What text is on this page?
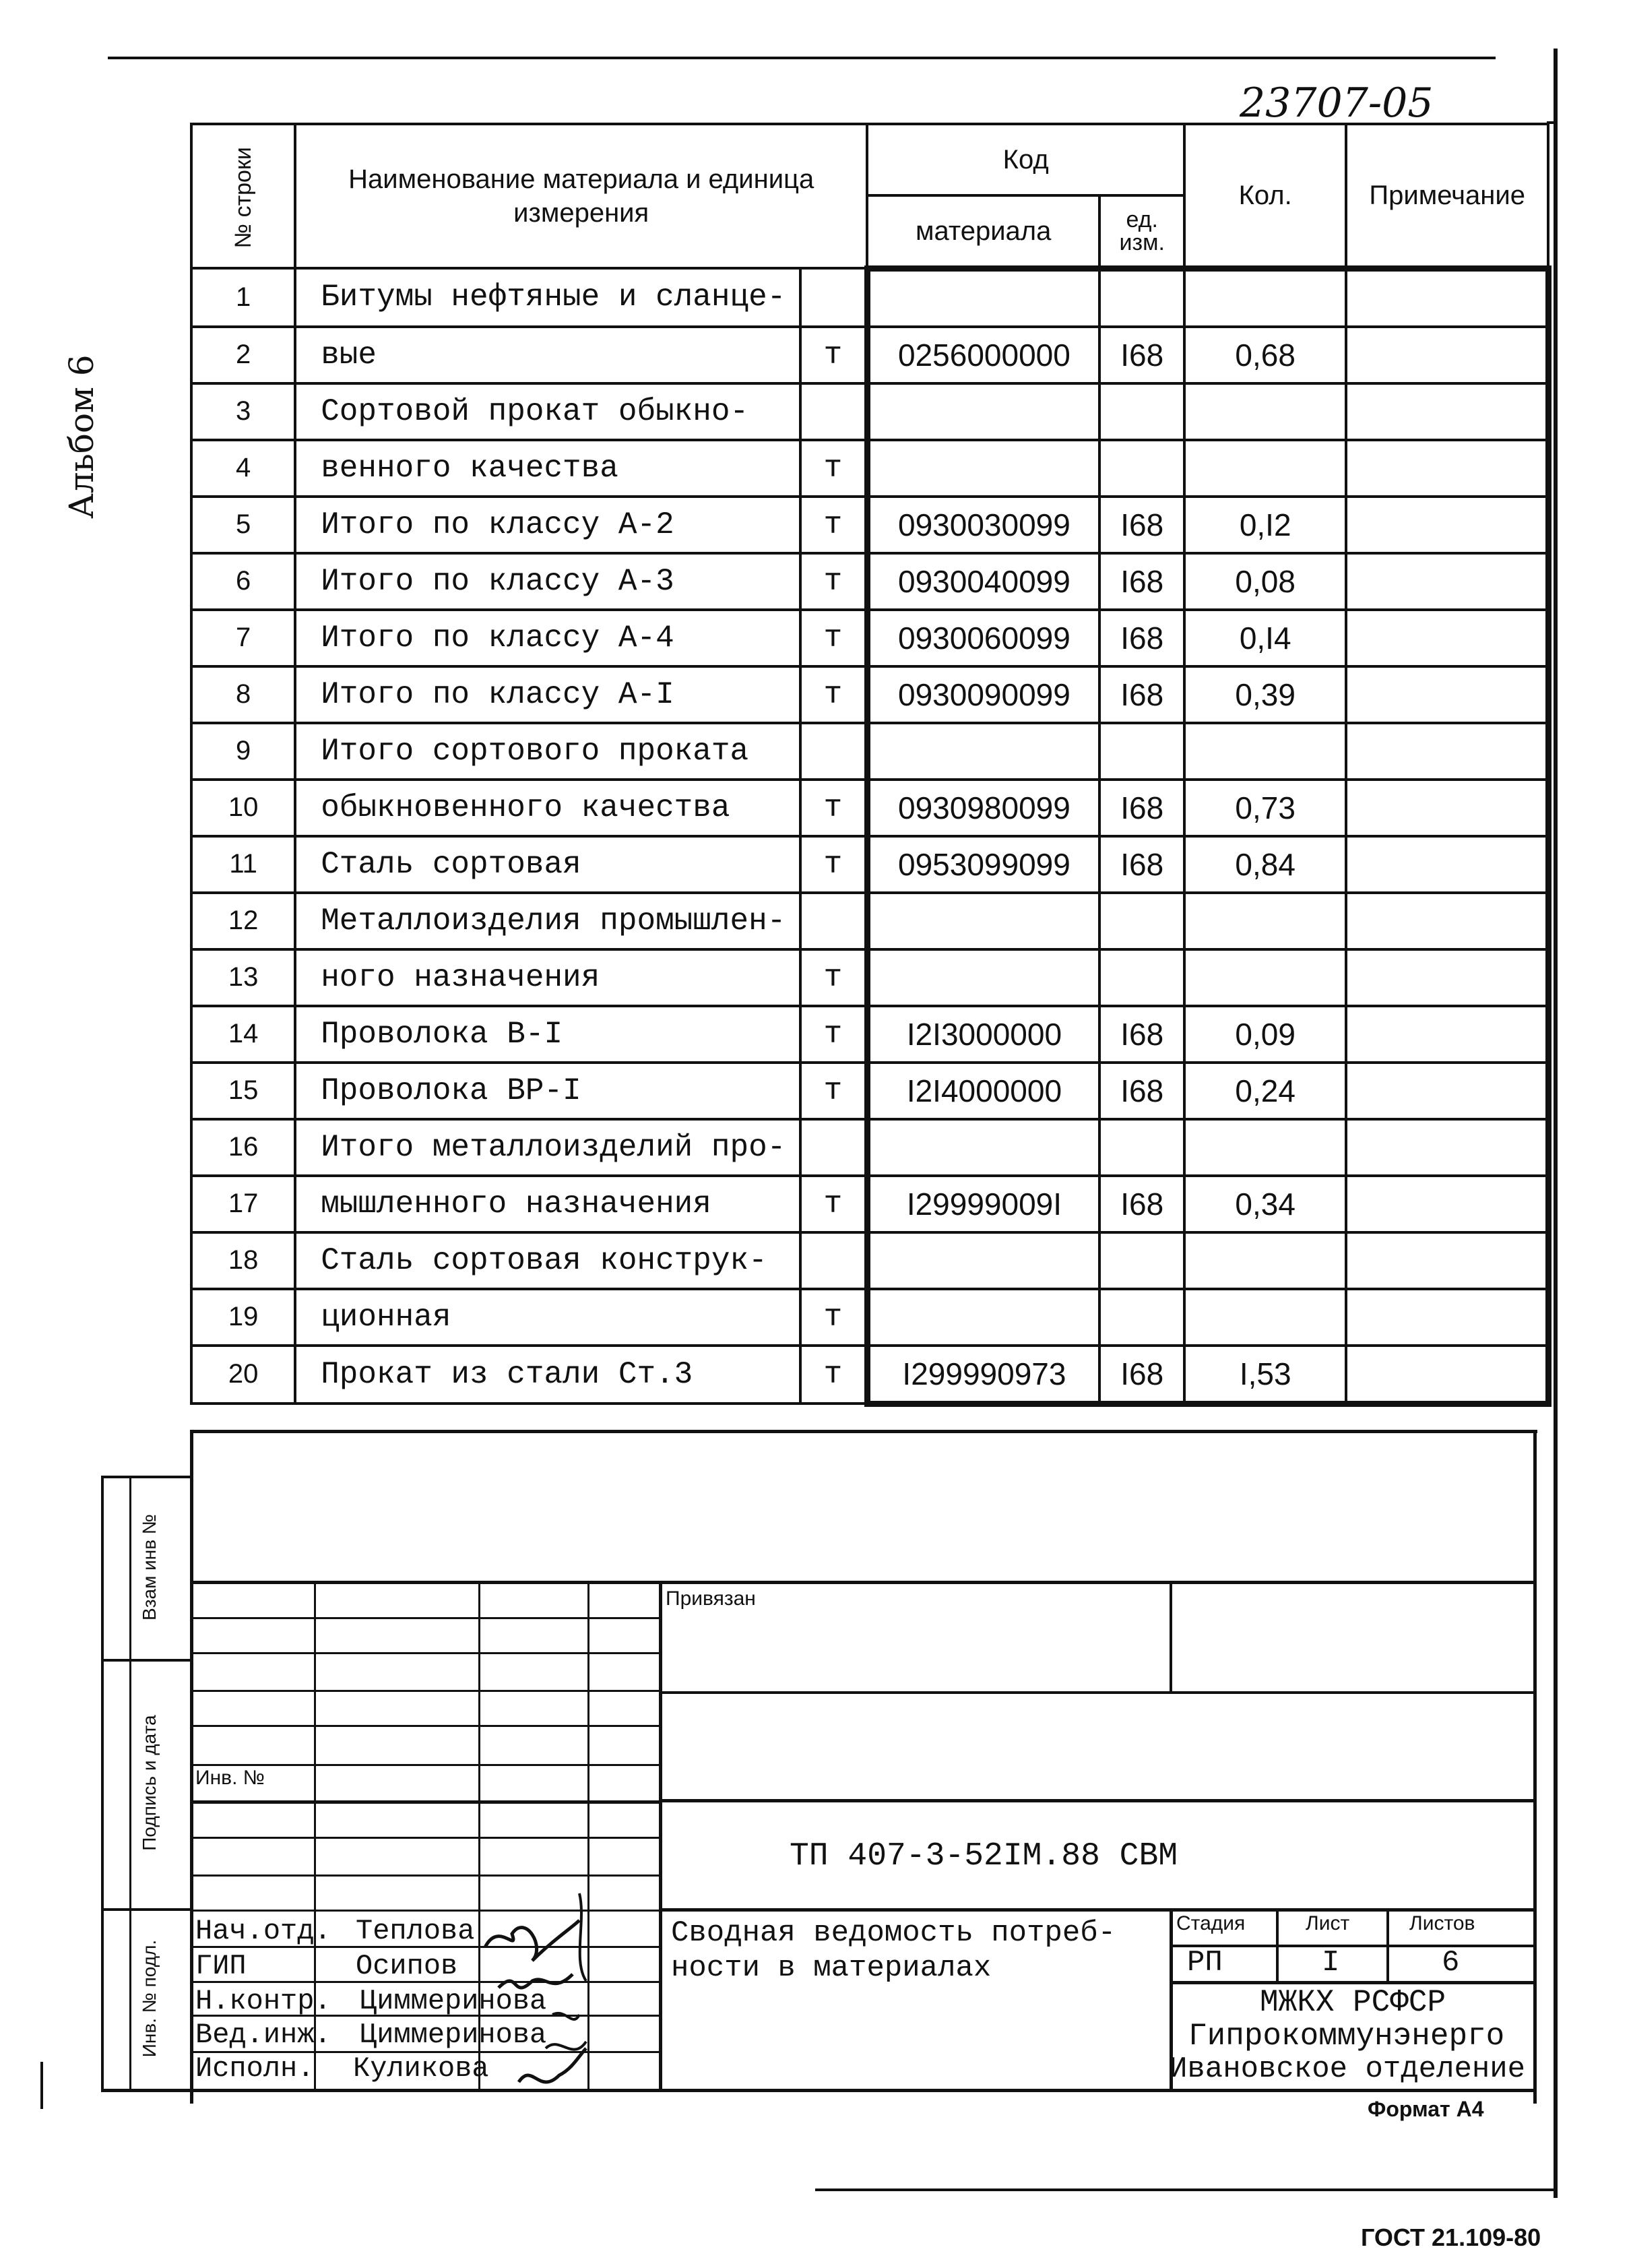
23707-05
Альбом 6
№ строки	Наименование материала и единица измерения		Код		Кол.	Примечание
			материала	ед. изм.		

1	Битумы нефтяные и сланце-					
2	вые	т	0256000000	I68	0,68	
3	Сортовой прокат обыкно-					
4	венного качества	т				
5	Итого по классу А-2	т	0930030099	I68	0,I2	
6	Итого по классу А-3	т	0930040099	I68	0,08	
7	Итого по классу А-4	т	0930060099	I68	0,I4	
8	Итого по классу А-I	т	0930090099	I68	0,39	
9	Итого сортового проката					
10	обыкновенного качества	т	0930980099	I68	0,73	
11	Сталь сортовая	т	0953099099	I68	0,84	
12	Металлоизделия промышлен-					
13	ного назначения	т				
14	Проволока В-I	т	I2I3000000	I68	0,09	
15	Проволока ВР-I	т	I2I4000000	I68	0,24	
16	Итого металлоизделий про-					
17	мышленного назначения	т	I29999009I	I68	0,34	
18	Сталь сортовая конструк-					
19	ционная	т				
20	Прокат из стали Ст.3	т	I299990973	I68	I,53	
Взам инв №
Подпись и дата
Инв. № подл.
Привязан
Инв. №
ТП 407-3-52IМ.88 СВМ
Сводная ведомость потреб-
ности в материалах
Стадия	Лист	Листов
РП	I	6
МЖКХ РСФСР
Гипрокоммунэнерго
Ивановское отделение
Нач.отд. Теплова
ГИП	Осипов
Н.контр. Циммеринова
Вед.инж. Циммеринова
Исполн. Куликова
Формат А4
ГОСТ 21.109-80
